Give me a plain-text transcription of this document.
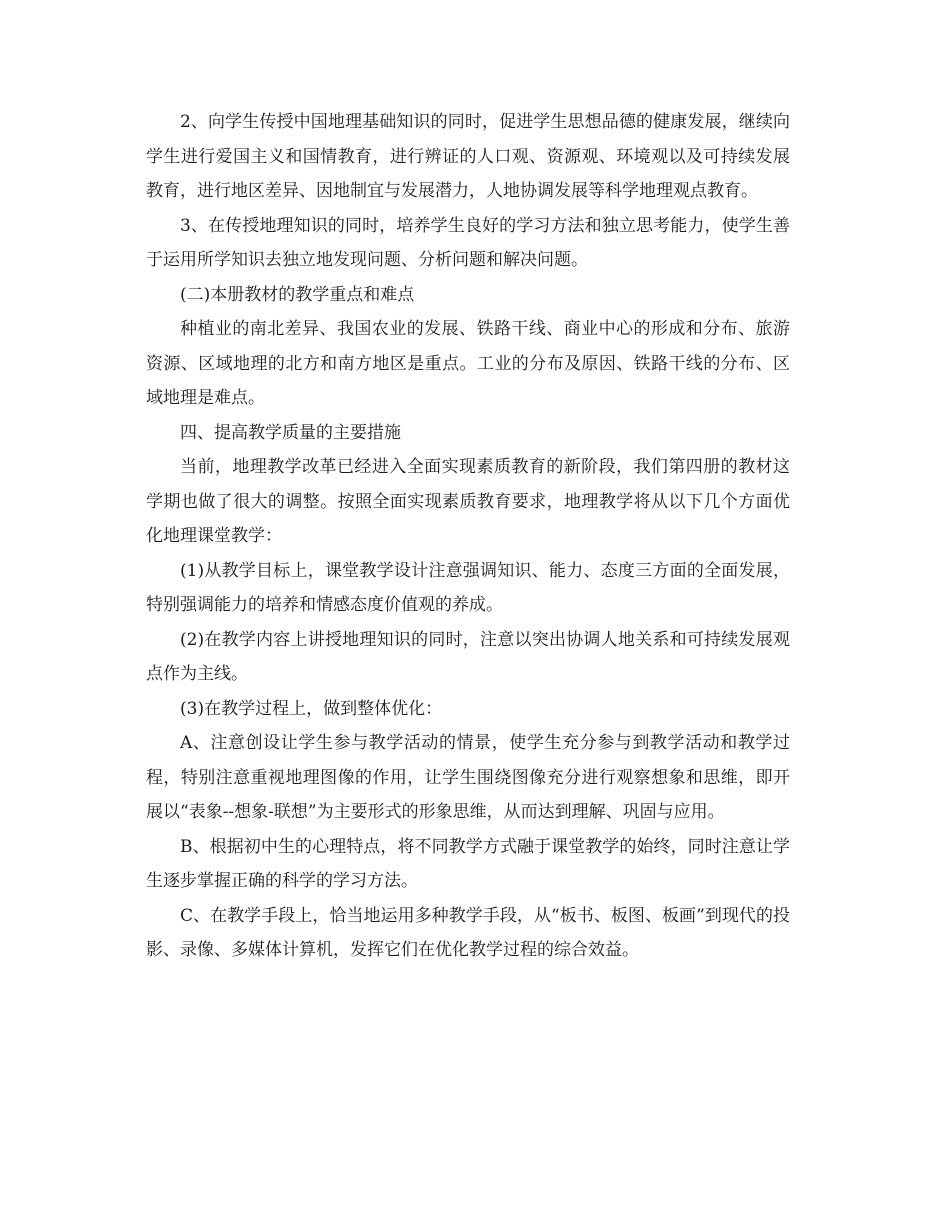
2、向学生传授中国地理基础知识的同时，促进学生思想品德的健康发展，继续向学生进行爱国主义和国情教育，进行辨证的人口观、资源观、环境观以及可持续发展教育，进行地区差异、因地制宜与发展潜力，人地协调发展等科学地理观点教育。

3、在传授地理知识的同时，培养学生良好的学习方法和独立思考能力，使学生善于运用所学知识去独立地发现问题、分析问题和解决问题。

(二)本册教材的教学重点和难点

种植业的南北差异、我国农业的发展、铁路干线、商业中心的形成和分布、旅游资源、区域地理的北方和南方地区是重点。工业的分布及原因、铁路干线的分布、区域地理是难点。

四、提高教学质量的主要措施

当前，地理教学改革已经进入全面实现素质教育的新阶段，我们第四册的教材这学期也做了很大的调整。按照全面实现素质教育要求，地理教学将从以下几个方面优化地理课堂教学：

(1)从教学目标上，课堂教学设计注意强调知识、能力、态度三方面的全面发展，特别强调能力的培养和情感态度价值观的养成。

(2)在教学内容上讲授地理知识的同时，注意以突出协调人地关系和可持续发展观点作为主线。

(3)在教学过程上，做到整体优化：

A、注意创设让学生参与教学活动的情景，使学生充分参与到教学活动和教学过程，特别注意重视地理图像的作用，让学生围绕图像充分进行观察想象和思维，即开展以“表象--想象-联想”为主要形式的形象思维，从而达到理解、巩固与应用。

B、根据初中生的心理特点，将不同教学方式融于课堂教学的始终，同时注意让学生逐步掌握正确的科学的学习方法。

C、在教学手段上，恰当地运用多种教学手段，从“板书、板图、板画”到现代的投影、录像、多媒体计算机，发挥它们在优化教学过程的综合效益。
